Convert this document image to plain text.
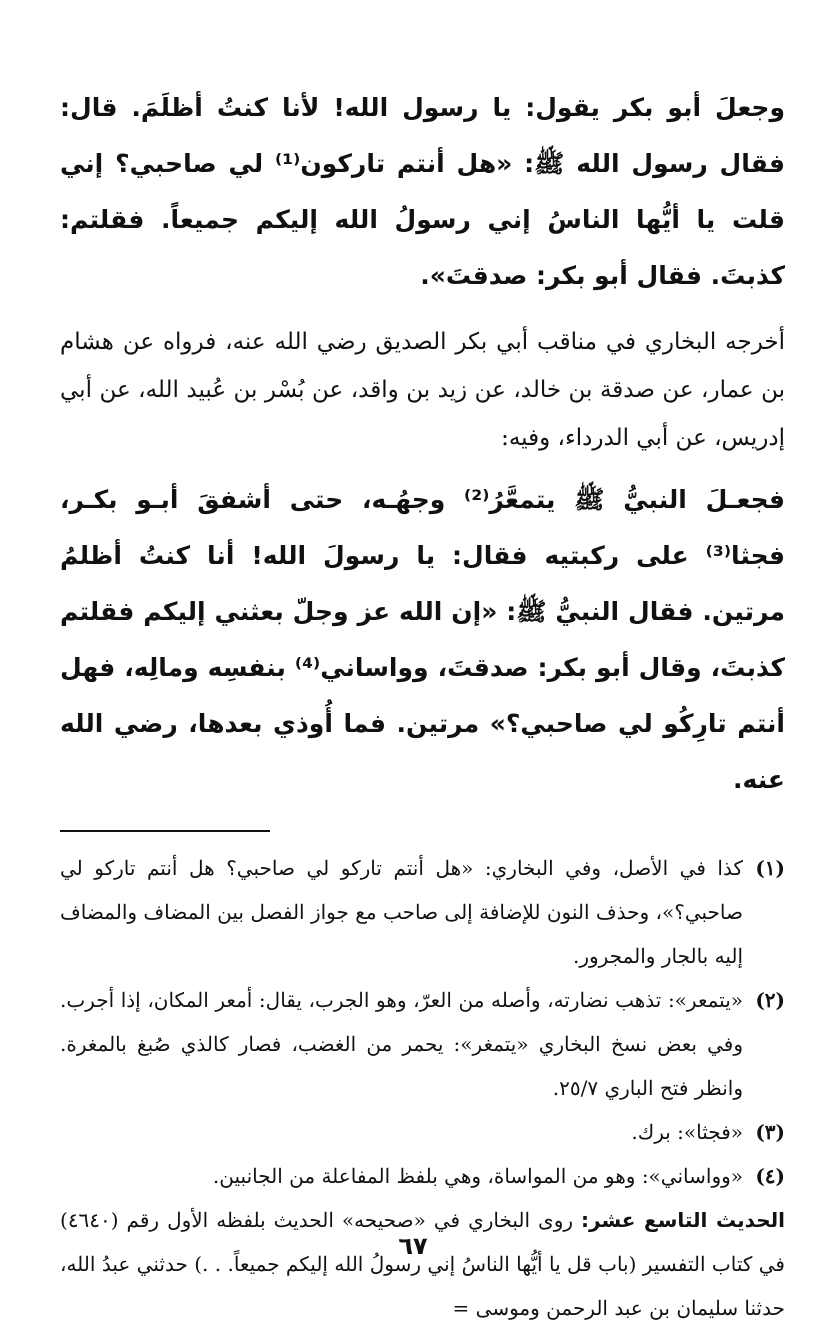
وجعلَ أبو بكر يقول: يا رسول الله! لأنا كنتُ أظلَمَ. قال: فقال رسول الله ﷺ: «هل أنتم تاركون⁽¹⁾ لي صاحبي؟ إني قلت يا أيُّها الناسُ إني رسولُ الله إليكم جميعاً. فقلتم: كذبتَ. فقال أبو بكر: صدقتَ».

أخرجه البخاري في مناقب أبي بكر الصديق رضي الله عنه، فرواه عن هشام بن عمار، عن صدقة بن خالد، عن زيد بن واقد، عن بُسْر بن عُبيد الله، عن أبي إدريس، عن أبي الدرداء، وفيه:

فجعـلَ النبيُّ ﷺ يتمعَّرُ⁽²⁾ وجهُـه، حتى أشفقَ أبـو بكـر، فجثا⁽³⁾ على ركبتيه فقال: يا رسولَ الله! أنا كنتُ أظلمُ مرتين. فقال النبيُّ ﷺ: «إن الله عز وجلّ بعثني إليكم فقلتم كذبتَ، وقال أبو بكر: صدقتَ، وواساني⁽⁴⁾ بنفسِه ومالِه، فهل أنتم تارِكُو لي صاحبي؟» مرتين. فما أُوذي بعدها، رضي الله عنه.

(١)
كذا في الأصل، وفي البخاري: «هل أنتم تاركو لي صاحبي؟ هل أنتم تاركو لي صاحبي؟»، وحذف النون للإضافة إلى صاحب مع جواز الفصل بين المضاف والمضاف إليه بالجار والمجرور.
(٢)
«يتمعر»: تذهب نضارته، وأصله من العرّ، وهو الجرب، يقال: أمعر المكان، إذا أجرب. وفي بعض نسخ البخاري «يتمغر»: يحمر من الغضب، فصار كالذي صُبغ بالمغرة. وانظر فتح الباري ٢٥/٧.
(٣)
«فجثا»: برك.
(٤)
«وواساني»: وهو من المواساة، وهي بلفظ المفاعلة من الجانبين.

الحديث التاسع عشر: روى البخاري في «صحيحه» الحديث بلفظه الأول رقم (٤٦٤٠) في كتاب التفسير (باب قل يا أيُّها الناسُ إني رسولُ الله إليكم جميعاً. . .) حدثني عبدُ الله، حدثنا سليمان بن عبد الرحمن وموسى =

٦٧
